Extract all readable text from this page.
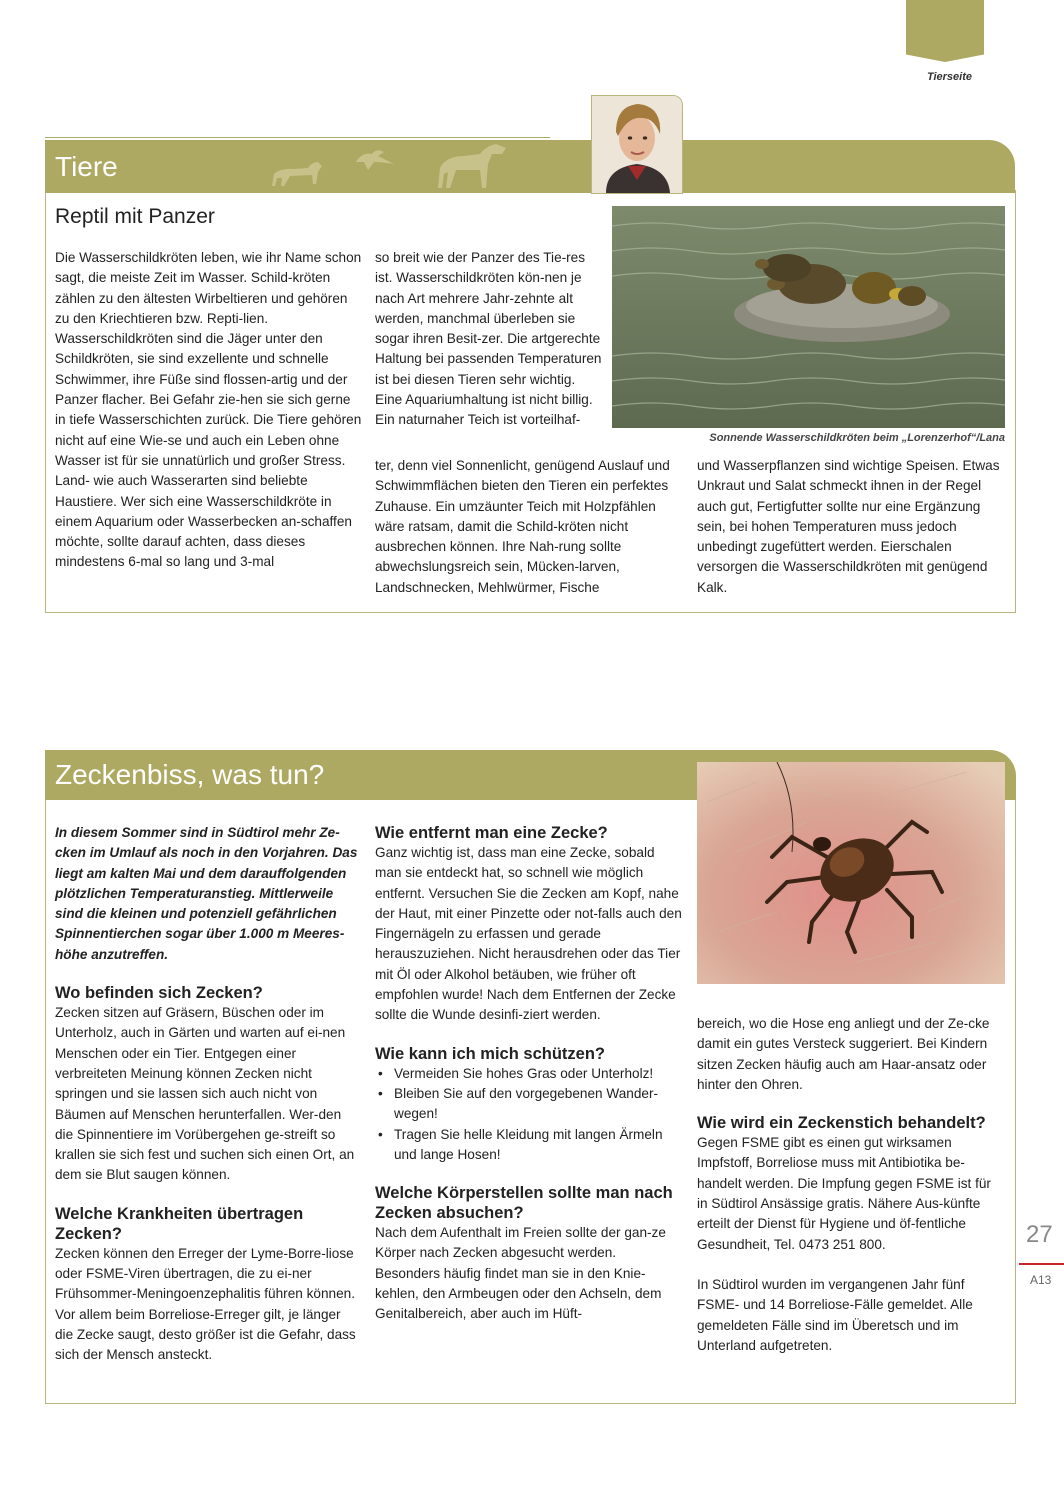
Tierseite
Tiere
Reptil mit Panzer
Sonnende Wasserschildkröten beim „Lorenzerhof“/Lana

Die Wasserschildkröten leben, wie ihr Name schon sagt, die meiste Zeit im Wasser. Schild-kröten zählen zu den ältesten Wirbeltieren und gehören zu den Kriechtieren bzw. Repti-lien. Wasserschildkröten sind die Jäger unter den Schildkröten, sie sind exzellente und schnelle Schwimmer, ihre Füße sind flossen-artig und der Panzer flacher. Bei Gefahr zie-hen sie sich gerne in tiefe Wasserschichten zurück. Die Tiere gehören nicht auf eine Wie-se und auch ein Leben ohne Wasser ist für sie unnatürlich und großer Stress.

Land- wie auch Wasserarten sind beliebte Haustiere. Wer sich eine Wasserschildkröte in einem Aquarium oder Wasserbecken an-schaffen möchte, sollte darauf achten, dass dieses mindestens 6-mal so lang und 3-mal

so breit wie der Panzer des Tie-res ist. Wasserschildkröten kön-nen je nach Art mehrere Jahr-zehnte alt werden, manchmal überleben sie sogar ihren Besit-zer. Die artgerechte Haltung bei passenden Temperaturen ist bei diesen Tieren sehr wichtig. Eine Aquariumhaltung ist nicht billig. Ein naturnaher Teich ist vorteilhaf-

ter, denn viel Sonnenlicht, genügend Auslauf und Schwimmflächen bieten den Tieren ein perfektes Zuhause. Ein umzäunter Teich mit Holzpfählen wäre ratsam, damit die Schild-kröten nicht ausbrechen können. Ihre Nah-rung sollte abwechslungsreich sein, Mücken-larven, Landschnecken, Mehlwürmer, Fische

und Wasserpflanzen sind wichtige Speisen. Etwas Unkraut und Salat schmeckt ihnen in der Regel auch gut, Fertigfutter sollte nur eine Ergänzung sein, bei hohen Temperaturen muss jedoch unbedingt zugefüttert werden. Eierschalen versorgen die Wasserschildkröten mit genügend Kalk.

Zeckenbiss, was tun?

In diesem Sommer sind in Südtirol mehr Ze-cken im Umlauf als noch in den Vorjahren. Das liegt am kalten Mai und dem darauffolgenden plötzlichen Temperaturanstieg. Mittlerweile sind die kleinen und potenziell gefährlichen Spinnentierchen sogar über 1.000 m Meeres-höhe anzutreffen.

Wo befinden sich Zecken?

Zecken sitzen auf Gräsern, Büschen oder im Unterholz, auch in Gärten und warten auf ei-nen Menschen oder ein Tier. Entgegen einer verbreiteten Meinung können Zecken nicht springen und sie lassen sich auch nicht von Bäumen auf Menschen herunterfallen. Wer-den die Spinnentiere im Vorübergehen ge-streift so krallen sie sich fest und suchen sich einen Ort, an dem sie Blut saugen können.

Welche Krankheiten übertragen Zecken?

Zecken können den Erreger der Lyme-Borre-liose oder FSME-Viren übertragen, die zu ei-ner Frühsommer-Meningoenzephalitis führen können. Vor allem beim Borreliose-Erreger gilt, je länger die Zecke saugt, desto größer ist die Gefahr, dass sich der Mensch ansteckt.

Wie entfernt man eine Zecke?

Ganz wichtig ist, dass man eine Zecke, sobald man sie entdeckt hat, so schnell wie möglich entfernt. Versuchen Sie die Zecken am Kopf, nahe der Haut, mit einer Pinzette oder not-falls auch den Fingernägeln zu erfassen und gerade herauszuziehen. Nicht herausdrehen oder das Tier mit Öl oder Alkohol betäuben, wie früher oft empfohlen wurde! Nach dem Entfernen der Zecke sollte die Wunde desinfi-ziert werden.

Wie kann ich mich schützen?
• Vermeiden Sie hohes Gras oder Unterholz!
• Bleiben Sie auf den vorgegebenen Wander-wegen!
• Tragen Sie helle Kleidung mit langen Ärmeln und lange Hosen!
Welche Körperstellen sollte man nach Zecken absuchen?

Nach dem Aufenthalt im Freien sollte der gan-ze Körper nach Zecken abgesucht werden. Besonders häufig findet man sie in den Knie-kehlen, den Armbeugen oder den Achseln, dem Genitalbereich, aber auch im Hüft-

bereich, wo die Hose eng anliegt und der Ze-cke damit ein gutes Versteck suggeriert. Bei Kindern sitzen Zecken häufig auch am Haar-ansatz oder hinter den Ohren.

Wie wird ein Zeckenstich behandelt?

Gegen FSME gibt es einen gut wirksamen Impfstoff, Borreliose muss mit Antibiotika be-handelt werden. Die Impfung gegen FSME ist für in Südtirol Ansässige gratis. Nähere Aus-künfte erteilt der Dienst für Hygiene und öf-fentliche Gesundheit, Tel. 0473 251 800.

In Südtirol wurden im vergangenen Jahr fünf FSME- und 14 Borreliose-Fälle gemeldet. Alle gemeldeten Fälle sind im Überetsch und im Unterland aufgetreten.

27
A13
